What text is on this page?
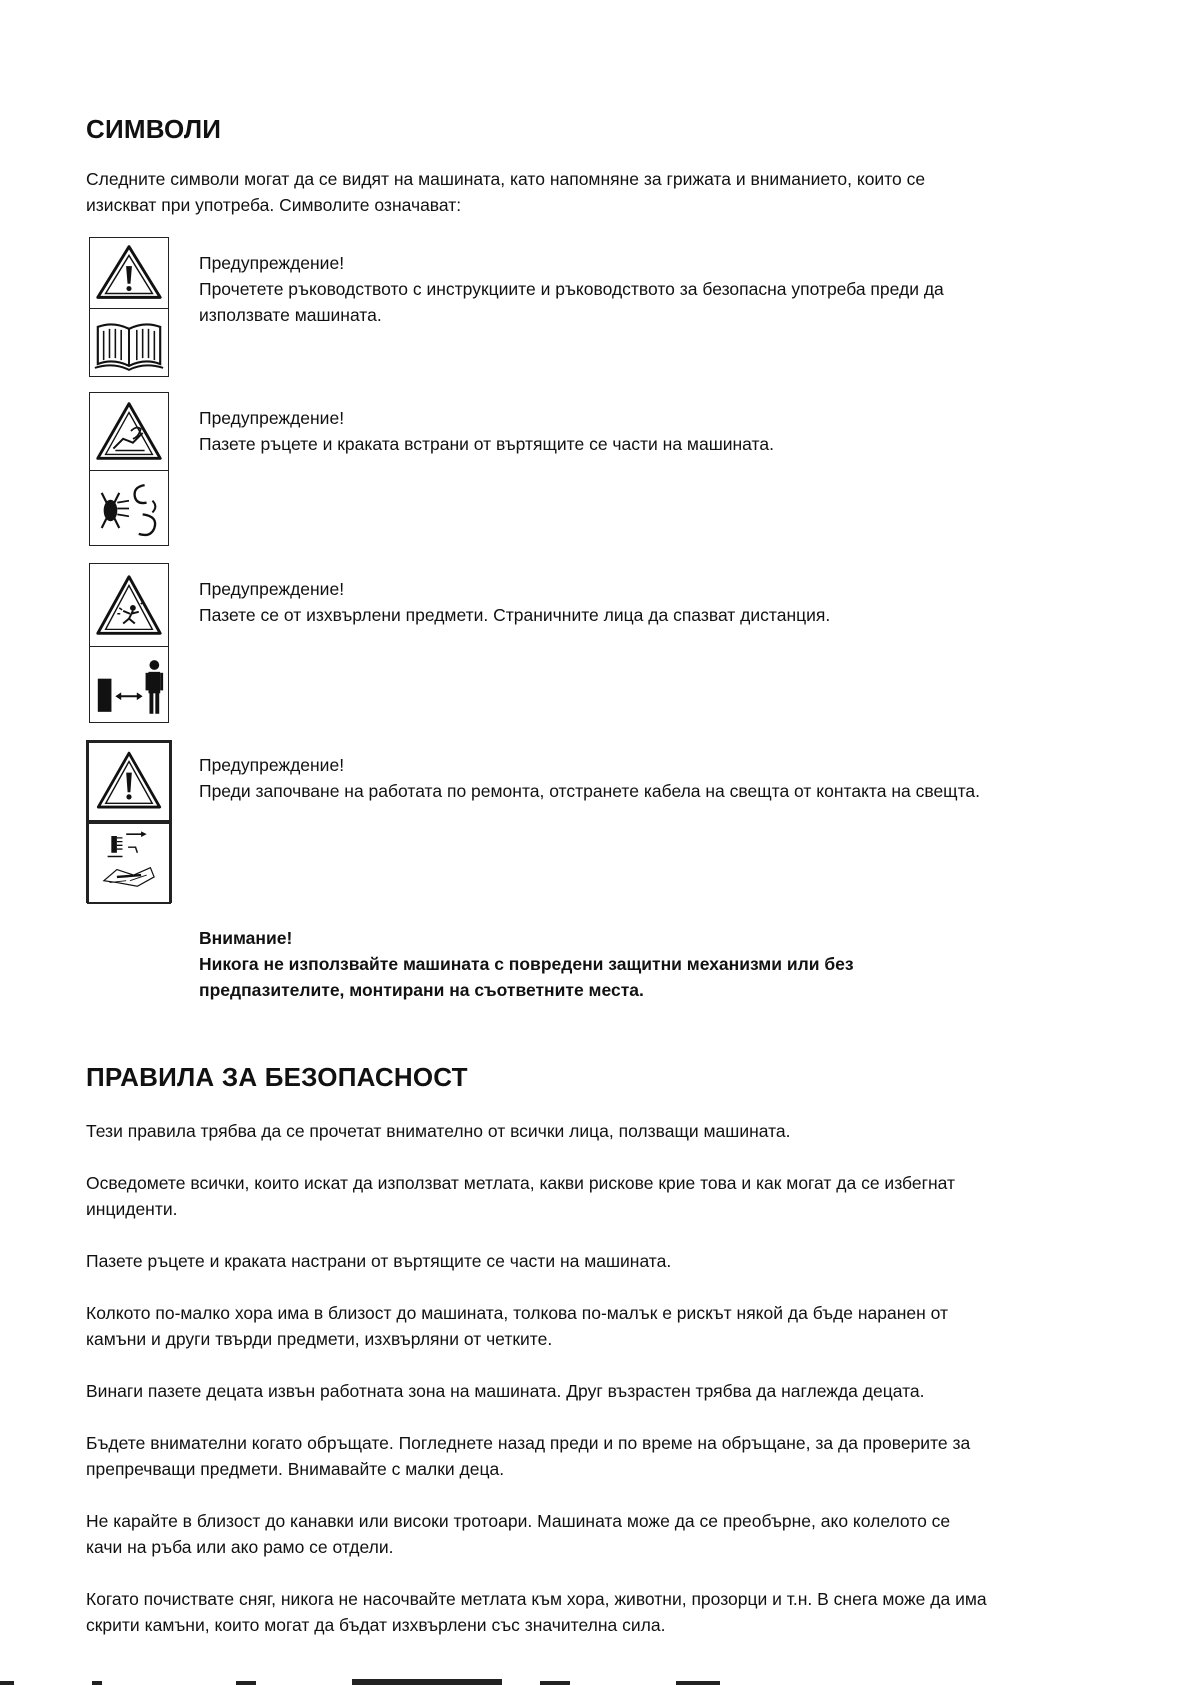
СИМВОЛИ
Следните символи могат да се видят на машината, като напомняне за грижата и вниманието, които се
изискват при употреба. Символите означават:
Предупреждение!
Прочетете ръководството с инструкциите и ръководството за безопасна употреба преди да
използвате машината.
Предупреждение!
Пазете ръцете и краката встрани от въртящите се части на машината.
Предупреждение!
Пазете се от изхвърлени предмети. Страничните лица да спазват дистанция.
Предупреждение!
Преди започване на работата по ремонта, отстранете кабела на свещта от контакта на свещта.
Внимание!
Никога не използвайте машината с повредени защитни механизми или без
предпазителите, монтирани на съответните места.
ПРАВИЛА ЗА БЕЗОПАСНОСТ
Тези правила трябва да се прочетат внимателно от всички лица, ползващи машината.
Осведомете всички, които искат да използват метлата, какви рискове крие това и как могат да се избегнат
инциденти.
Пазете ръцете и краката настрани от въртящите се части на машината.
Колкото по-малко хора има в близост до машината, толкова по-малък е рискът някой да бъде наранен от
камъни и други твърди предмети, изхвърляни от четките.
Винаги пазете децата извън работната зона на машината. Друг възрастен трябва да наглежда децата.
Бъдете внимателни когато обръщате. Погледнете назад преди и по време на обръщане, за да проверите за
препречващи предмети. Внимавайте с малки деца.
Не карайте в близост до канавки или високи тротоари. Машината може да се преобърне, ако колелото се
качи на ръба или ако рамо се отдели.
Когато почиствате сняг, никога не насочвайте метлата към хора, животни, прозорци и т.н. В снега може да има
скрити камъни, които могат да бъдат изхвърлени със значителна сила.
